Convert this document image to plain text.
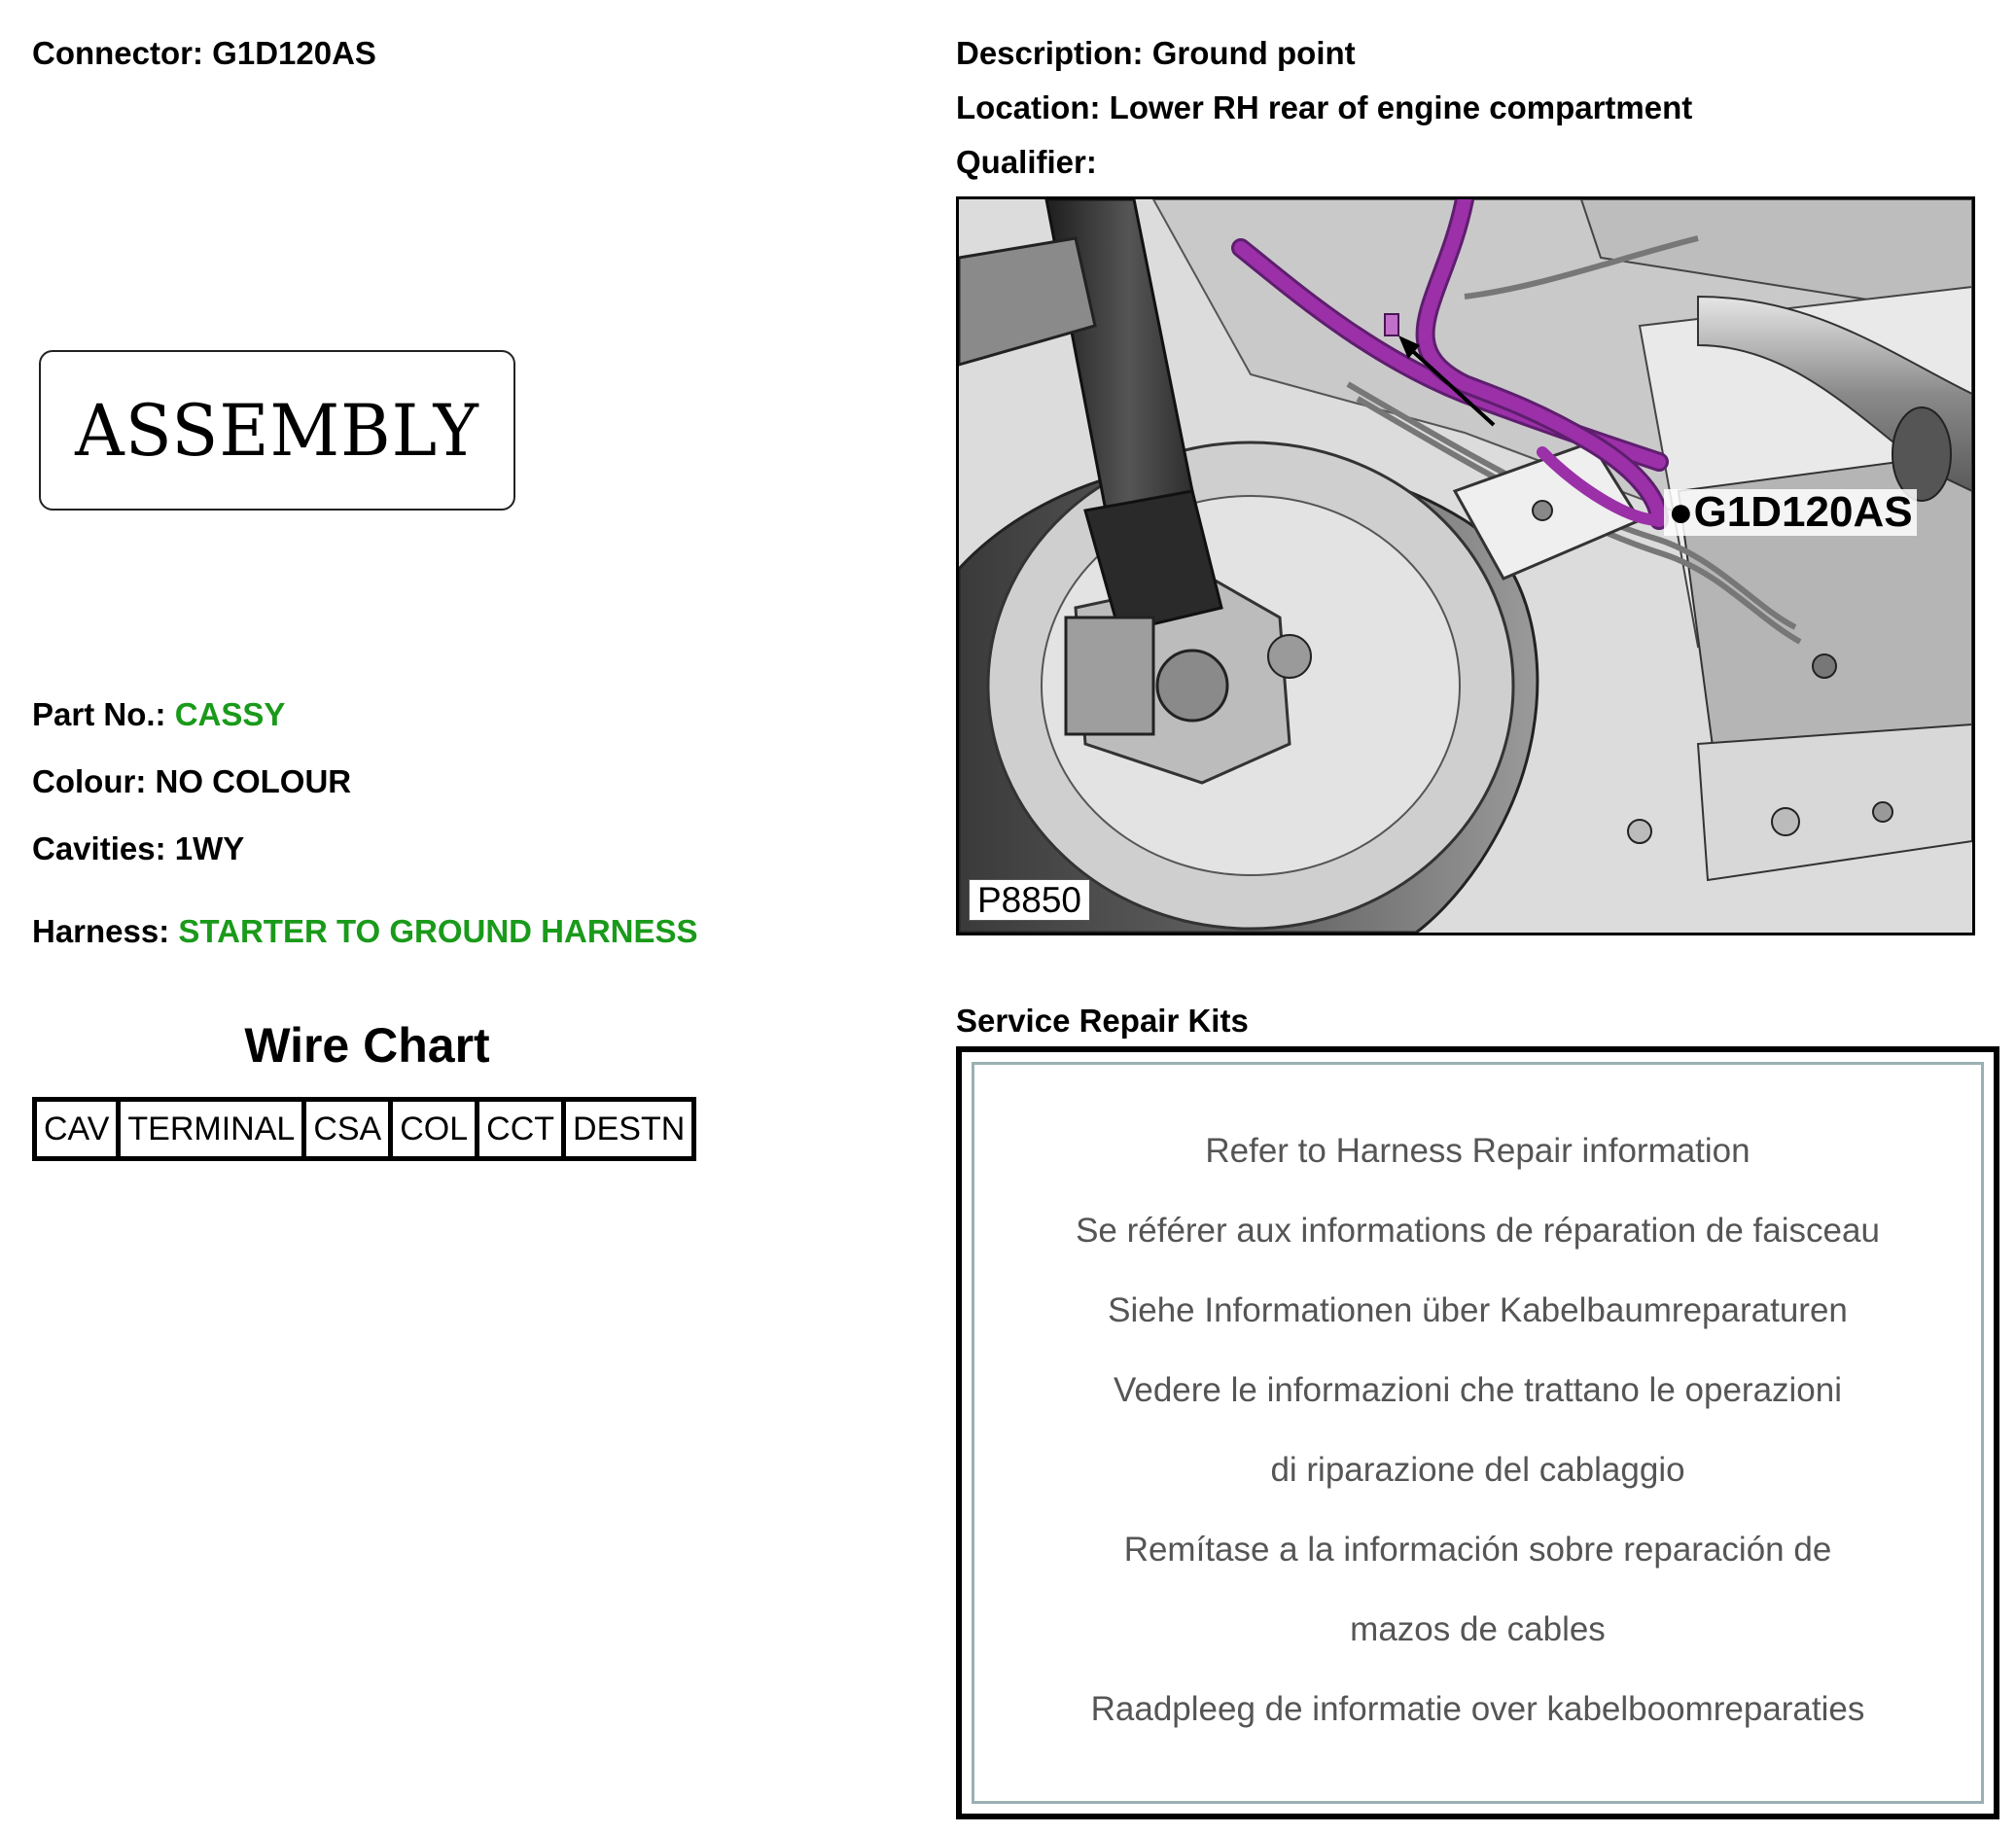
Connector: G1D120AS
ASSEMBLY
Part No.: CASSY
Colour: NO COLOUR
Cavities: 1WY
Harness: STARTER TO GROUND HARNESS
Wire Chart
CAV	TERMINAL	CSA	COL	CCT	DESTN
Description: Ground point
Location: Lower RH rear of engine compartment
Qualifier:
●G1D120AS
P8850
Service Repair Kits
Refer to Harness Repair information
Se référer aux informations de réparation de faisceau
Siehe Informationen über Kabelbaumreparaturen
Vedere le informazioni che trattano le operazioni
di riparazione del cablaggio
Remítase a la información sobre reparación de
mazos de cables
Raadpleeg de informatie over kabelboomreparaties
